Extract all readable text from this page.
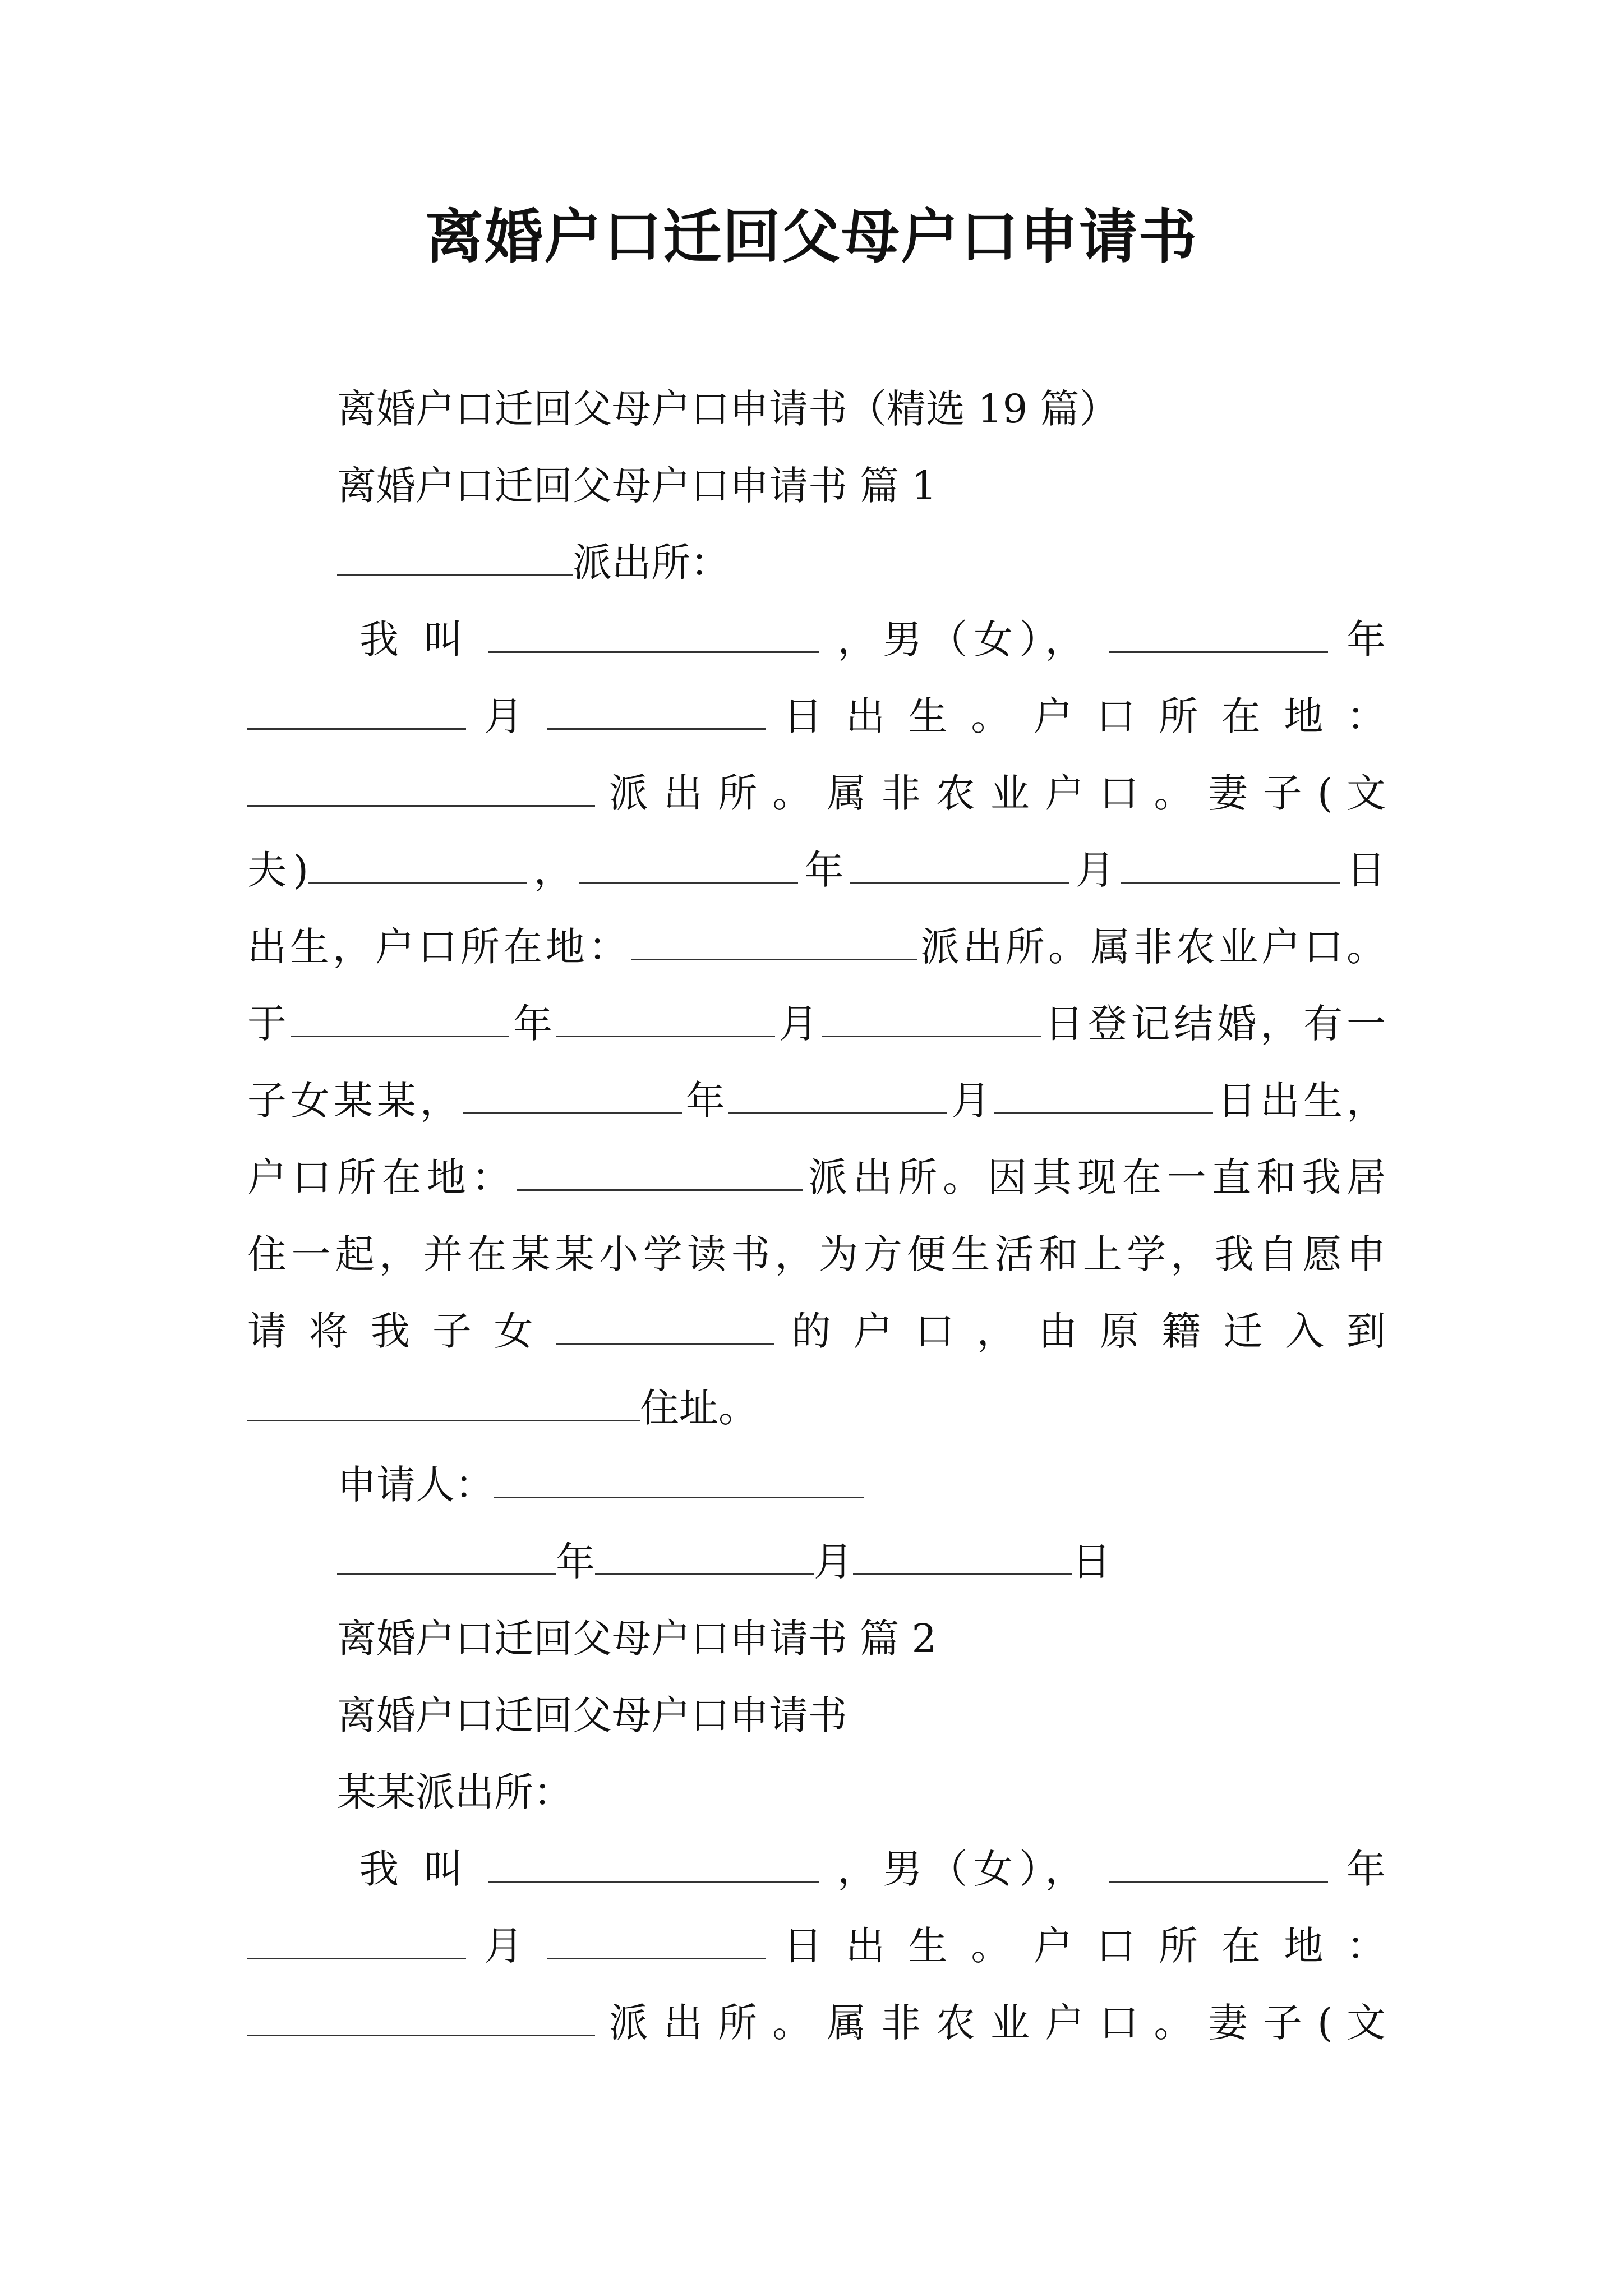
离婚户口迁回父母户口申请书
离婚户口迁回父母户口申请书（精选 19 篇）
离婚户口迁回父母户口申请书 篇 1
派出所：
我 叫	，男（女），	年
月	日 出 生 。 户 口 所 在 地 ：
派 出 所 。 属 非 农 业 户 口 。 妻 子 ( 文
夫)	，	年	月	日
出生，户口所在地：	派出所。属非农业户口。
于	年	月	日登记结婚，有一
子女某某，	年	月	日出生，
户口所在地：	派出所。因其现在一直和我居
住一起，并在某某小学读书，为方便生活和上学，我自愿申
请 将 我 子 女	的 户 口 ， 由 原 籍 迁 入 到
住址。
申请人：
年	月	日
离婚户口迁回父母户口申请书 篇 2
离婚户口迁回父母户口申请书
某某派出所：
我 叫	，男（女），	年
月	日 出 生 。 户 口 所 在 地 ：
派 出 所 。 属 非 农 业 户 口 。 妻 子 ( 文
